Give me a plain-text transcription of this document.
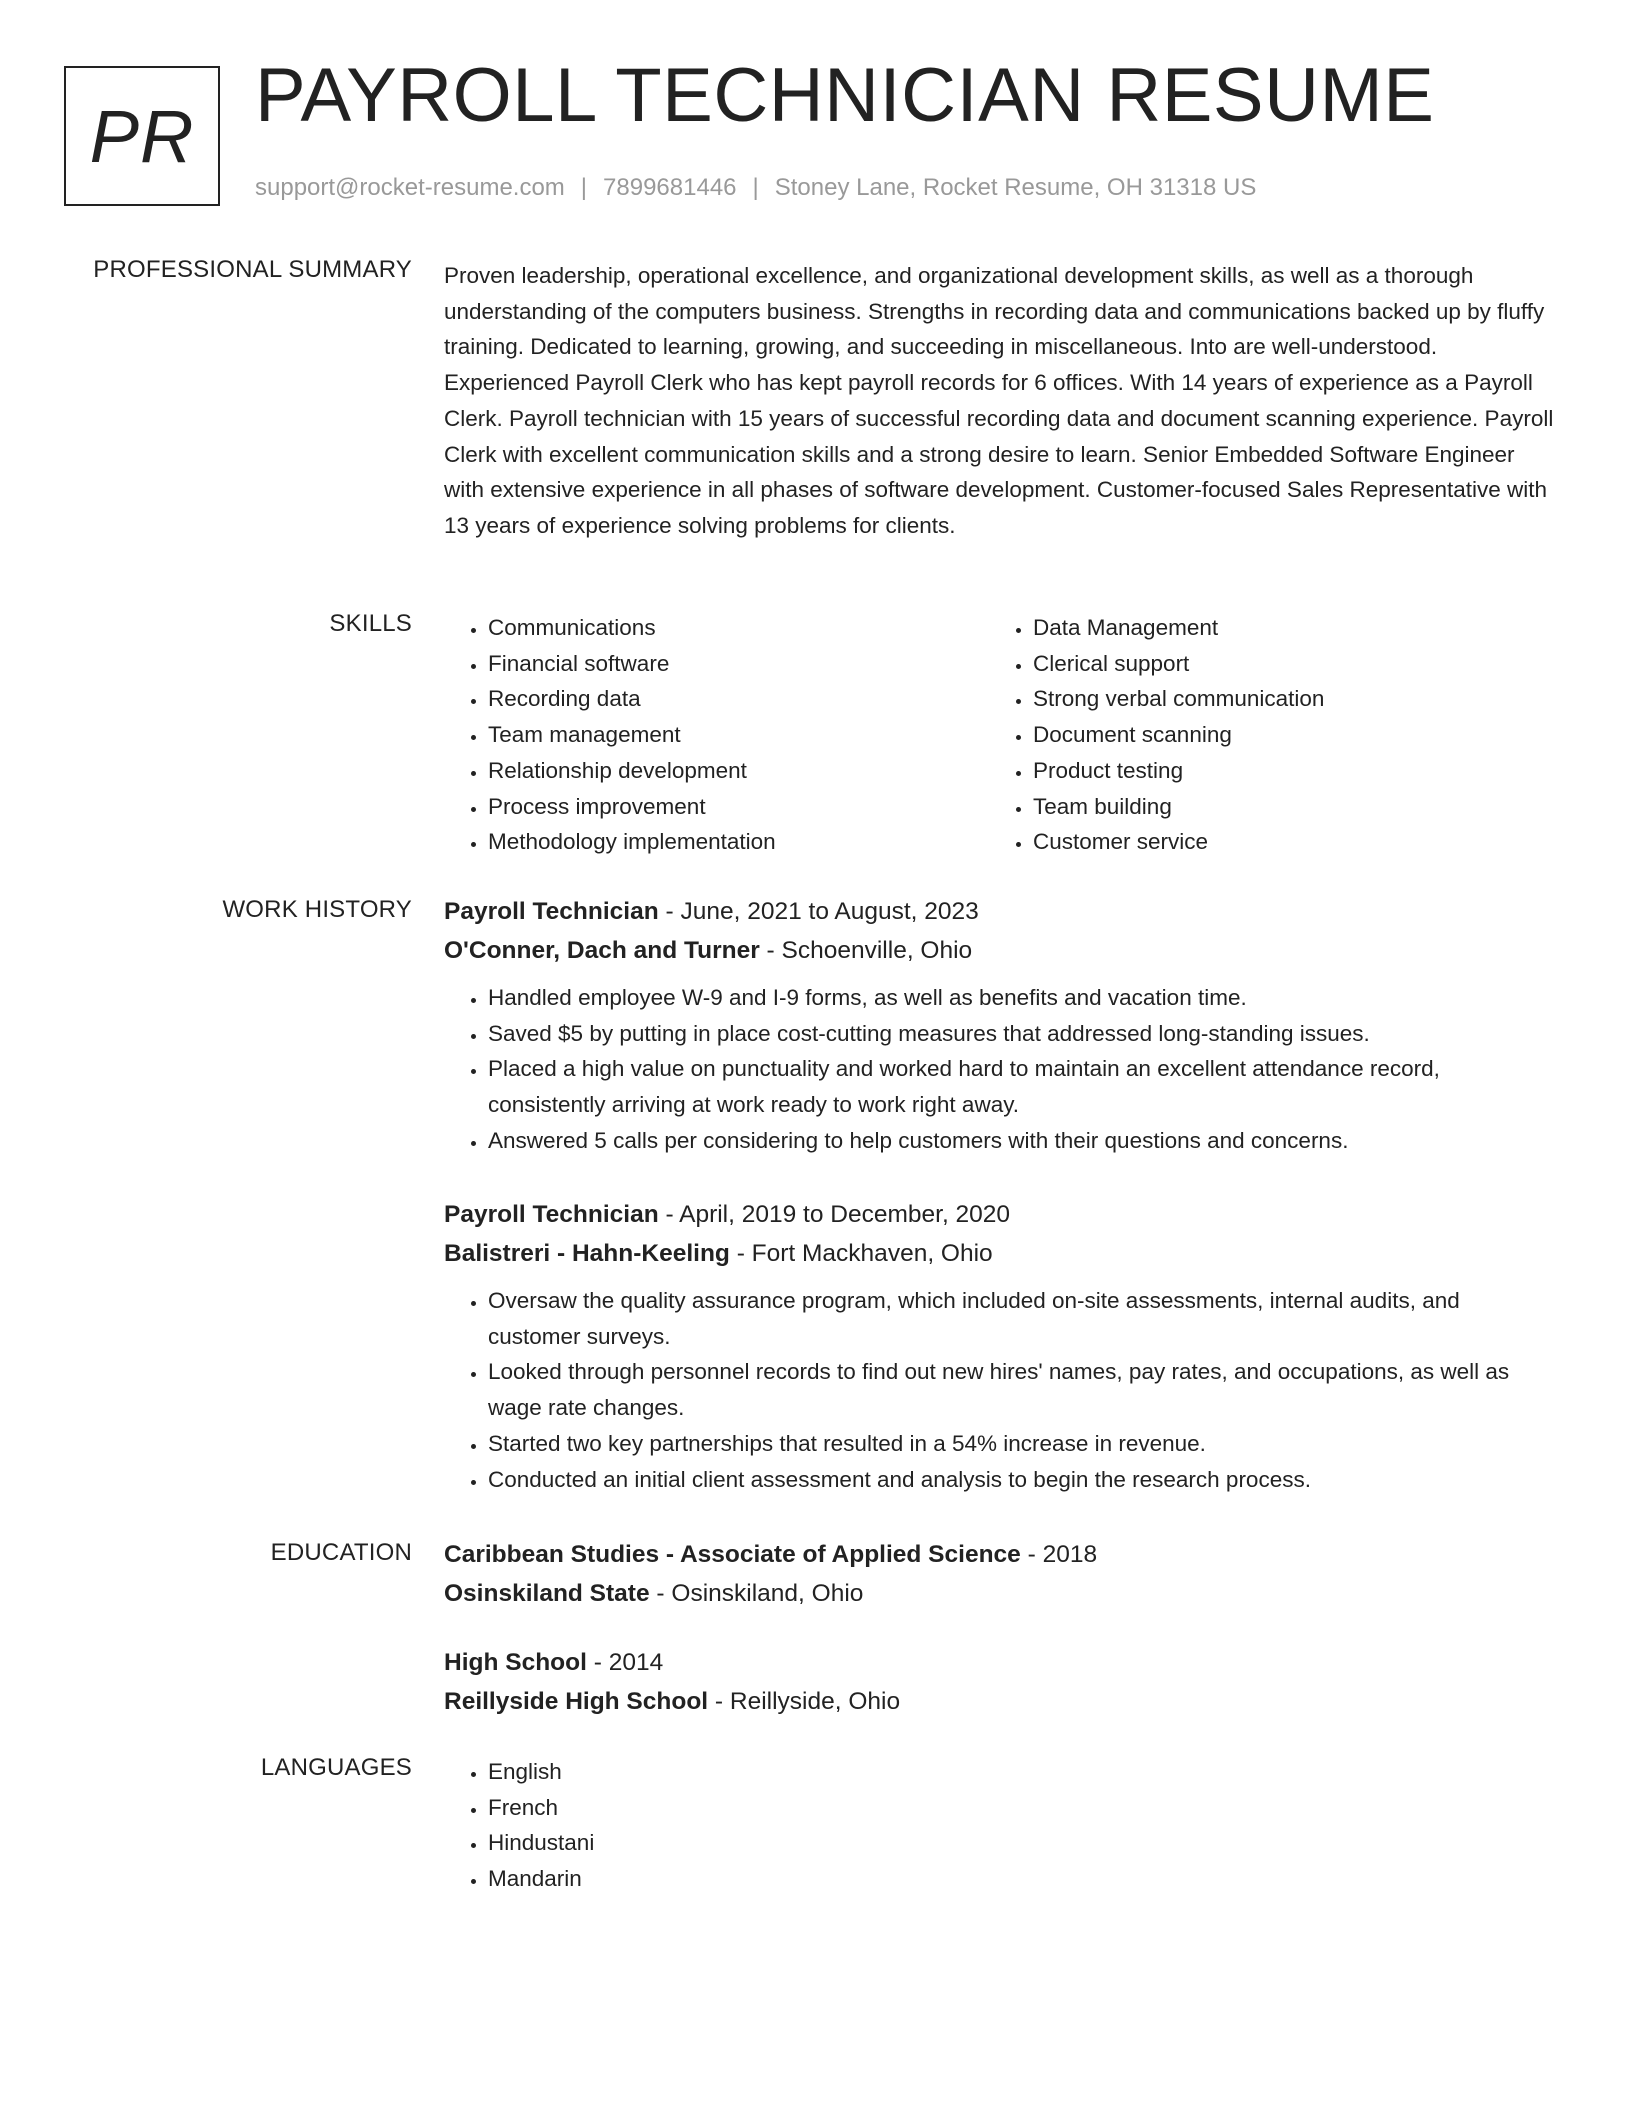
PR PAYROLL TECHNICIAN RESUME
support@rocket-resume.com | 7899681446 | Stoney Lane, Rocket Resume, OH 31318 US
PROFESSIONAL SUMMARY Proven leadership, operational excellence, and organizational development skills, as well as a thorough understanding of the computers business. Strengths in recording data and communications backed up by fluffy training. Dedicated to learning, growing, and succeeding in miscellaneous. Into are well-understood. Experienced Payroll Clerk who has kept payroll records for 6 offices. With 14 years of experience as a Payroll Clerk. Payroll technician with 15 years of successful recording data and document scanning experience. Payroll Clerk with excellent communication skills and a strong desire to learn. Senior Embedded Software Engineer with extensive experience in all phases of software development. Customer-focused Sales Representative with 13 years of experience solving problems for clients.

SKILLS	• Communications
• Financial software
• Recording data
• Team management
• Relationship development
• Process improvement
• Methodology implementation
• Data Management
• Clerical support
• Strong verbal communication
• Document scanning
• Product testing
• Team building
• Customer service
WORK HISTORY Payroll Technician - June, 2021 to August, 2023
O'Conner, Dach and Turner - Schoenville, Ohio
• Handled employee W-9 and I-9 forms, as well as benefits and vacation time.
• Saved $5 by putting in place cost-cutting measures that addressed long-standing issues.
• Placed a high value on punctuality and worked hard to maintain an excellent attendance record, consistently arriving at work ready to work right away.
• Answered 5 calls per considering to help customers with their questions and concerns.
Payroll Technician - April, 2019 to December, 2020
Balistreri - Hahn-Keeling - Fort Mackhaven, Ohio
• Oversaw the quality assurance program, which included on-site assessments, internal audits, and customer surveys.
• Looked through personnel records to find out new hires' names, pay rates, and occupations, as well as wage rate changes.
• Started two key partnerships that resulted in a 54% increase in revenue.
• Conducted an initial client assessment and analysis to begin the research process.
EDUCATION Caribbean Studies - Associate of Applied Science - 2018
Osinskiland State - Osinskiland, Ohio
High School - 2014
Reillyside High School - Reillyside, Ohio
LANGUAGES	• English
• French
• Hindustani
• Mandarin
